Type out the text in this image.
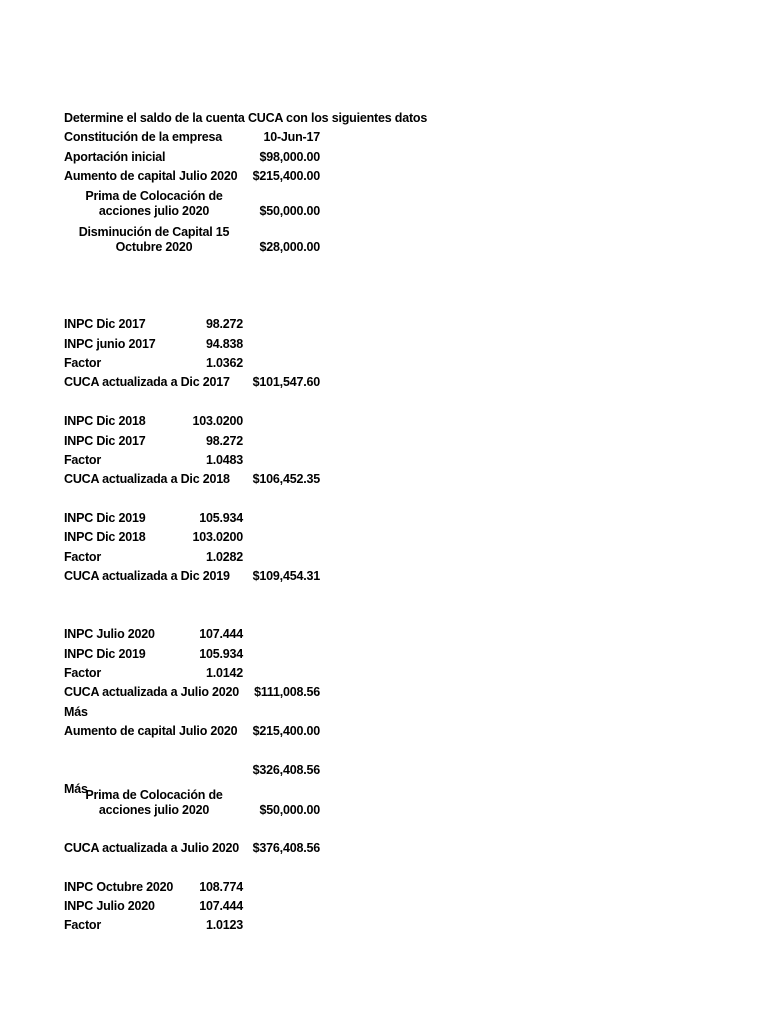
Determine el saldo de la cuenta CUCA con los siguientes datos
Constitución de la empresa	10-Jun-17
Aportación inicial	$98,000.00
Aumento de capital Julio 2020	$215,400.00
Prima de Colocación de
acciones julio 2020	$50,000.00
Disminución de Capital 15
Octubre 2020	$28,000.00
INPC Dic 2017	98.272
INPC junio 2017	94.838
Factor	1.0362
CUCA actualizada a Dic 2017	$101,547.60
INPC Dic 2018	103.0200
INPC Dic 2017	98.272
Factor	1.0483
CUCA actualizada a Dic 2018	$106,452.35
INPC Dic 2019	105.934
INPC Dic 2018	103.0200
Factor	1.0282
CUCA actualizada a Dic 2019	$109,454.31
INPC Julio 2020	107.444
INPC Dic 2019	105.934
Factor	1.0142
CUCA actualizada a Julio 2020	$111,008.56
Más
Aumento de capital Julio 2020	$215,400.00
$326,408.56
Más
Prima de Colocación de
acciones julio 2020	$50,000.00
CUCA actualizada a Julio 2020	$376,408.56
INPC Octubre 2020	108.774
INPC Julio 2020	107.444
Factor	1.0123
